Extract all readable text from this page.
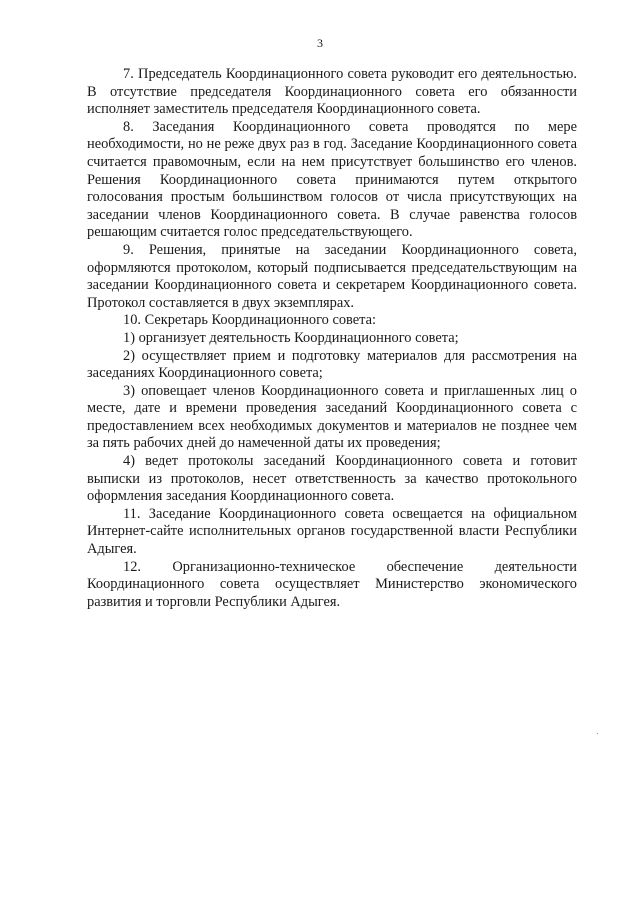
3

7. Председатель Координационного совета руководит его деятельностью. В отсутствие председателя Координационного совета его обязанности исполняет заместитель председателя Координационного совета.

8. Заседания Координационного совета проводятся по мере необходимости, но не реже двух раз в год. Заседание Координационного совета считается правомочным, если на нем присутствует большинство его членов. Решения Координационного совета принимаются путем открытого голосования простым большинством голосов от числа присутствующих на заседании членов Координационного совета. В случае равенства голосов решающим считается голос председательствующего.

9. Решения, принятые на заседании Координационного совета, оформляются протоколом, который подписывается председательствующим на заседании Координационного совета и секретарем Координационного совета. Протокол составляется в двух экземплярах.

10. Секретарь Координационного совета:

1) организует деятельность Координационного совета;

2) осуществляет прием и подготовку материалов для рассмотрения на заседаниях Координационного совета;

3) оповещает членов Координационного совета и приглашенных лиц о месте, дате и времени проведения заседаний Координационного совета с предоставлением всех необходимых документов и материалов не позднее чем за пять рабочих дней до намеченной даты их проведения;

4) ведет протоколы заседаний Координационного совета и готовит выписки из протоколов, несет ответственность за качество протокольного оформления заседания Координационного совета.

11. Заседание Координационного совета освещается на официальном Интернет-сайте исполнительных органов государственной власти Республики Адыгея.

12. Организационно-техническое обеспечение деятельности Координационного совета осуществляет Министерство экономического развития и торговли Республики Адыгея.
